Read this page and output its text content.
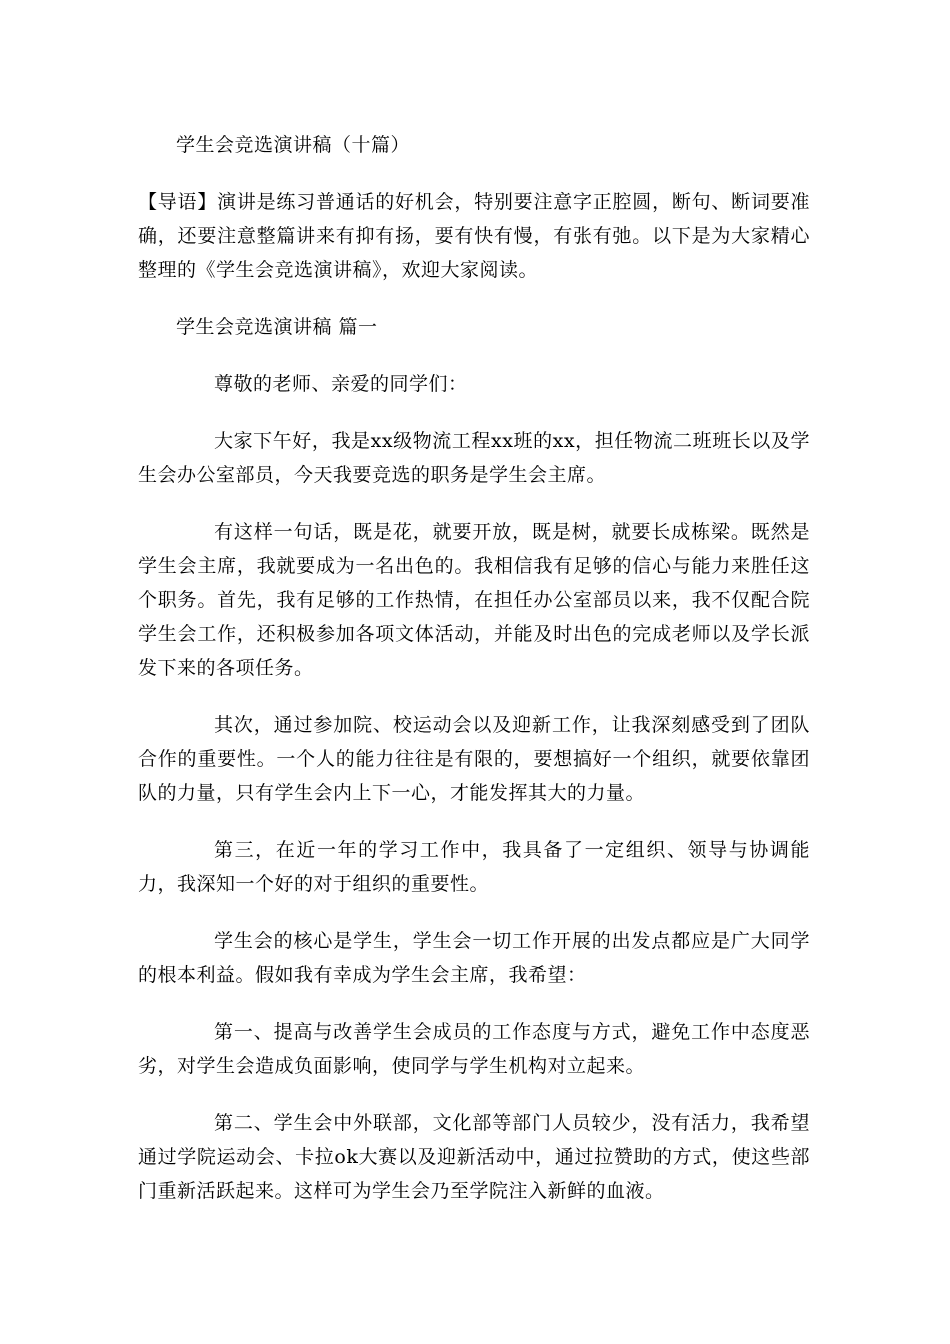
学生会竞选演讲稿（十篇）

【导语】演讲是练习普通话的好机会，特别要注意字正腔圆，断句、断词要准确，还要注意整篇讲来有抑有扬，要有快有慢，有张有弛。以下是为大家精心整理的《学生会竞选演讲稿》，欢迎大家阅读。

学生会竞选演讲稿 篇一

尊敬的老师、亲爱的同学们：

大家下午好，我是xx级物流工程xx班的xx，担任物流二班班长以及学生会办公室部员，今天我要竞选的职务是学生会主席。

有这样一句话，既是花，就要开放，既是树，就要长成栋梁。既然是学生会主席，我就要成为一名出色的。我相信我有足够的信心与能力来胜任这个职务。首先，我有足够的工作热情，在担任办公室部员以来，我不仅配合院学生会工作，还积极参加各项文体活动，并能及时出色的完成老师以及学长派发下来的各项任务。

其次，通过参加院、校运动会以及迎新工作，让我深刻感受到了团队合作的重要性。一个人的能力往往是有限的，要想搞好一个组织，就要依靠团队的力量，只有学生会内上下一心，才能发挥其大的力量。

第三，在近一年的学习工作中，我具备了一定组织、领导与协调能力，我深知一个好的对于组织的重要性。

学生会的核心是学生，学生会一切工作开展的出发点都应是广大同学的根本利益。假如我有幸成为学生会主席，我希望：

第一、提高与改善学生会成员的工作态度与方式，避免工作中态度恶劣，对学生会造成负面影响，使同学与学生机构对立起来。

第二、学生会中外联部，文化部等部门人员较少，没有活力，我希望通过学院运动会、卡拉ok大赛以及迎新活动中，通过拉赞助的方式，使这些部门重新活跃起来。这样可为学生会乃至学院注入新鲜的血液。
